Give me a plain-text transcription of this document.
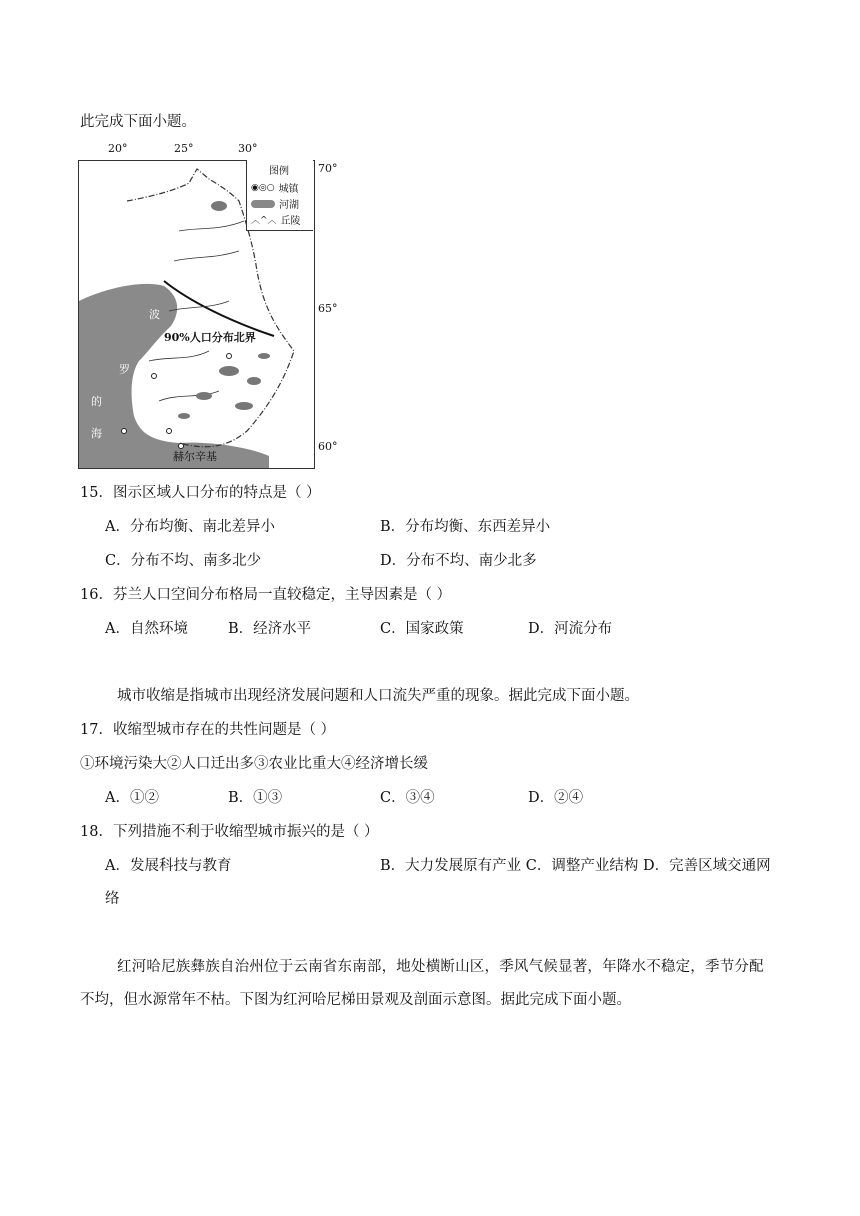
此完成下面小题。
20°	25°	30°
70°
65°
60°
波
罗
的
海
90%人口分布北界
赫尔辛基
图例
◉◎○ 城镇
河湖
︿^︿ 丘陵
15．图示区域人口分布的特点是（ ）
A．分布均衡、南北差异小	B．分布均衡、东西差异小
C．分布不均、南多北少	D．分布不均、南少北多
16．芬兰人口空间分布格局一直较稳定，主导因素是（ ）
A．自然环境	B．经济水平	C．国家政策	D．河流分布
城市收缩是指城市出现经济发展问题和人口流失严重的现象。据此完成下面小题。
17．收缩型城市存在的共性问题是（ ）
①环境污染大②人口迁出多③农业比重大④经济增长缓
A．①②	B．①③	C．③④	D．②④
18．下列措施不利于收缩型城市振兴的是（ ）
A．发展科技与教育	B．大力发展原有产业 C．调整产业结构 D．完善区域交通网
络
红河哈尼族彝族自治州位于云南省东南部，地处横断山区，季风气候显著，年降水不稳定，季节分配
不均，但水源常年不枯。下图为红河哈尼梯田景观及剖面示意图。据此完成下面小题。
